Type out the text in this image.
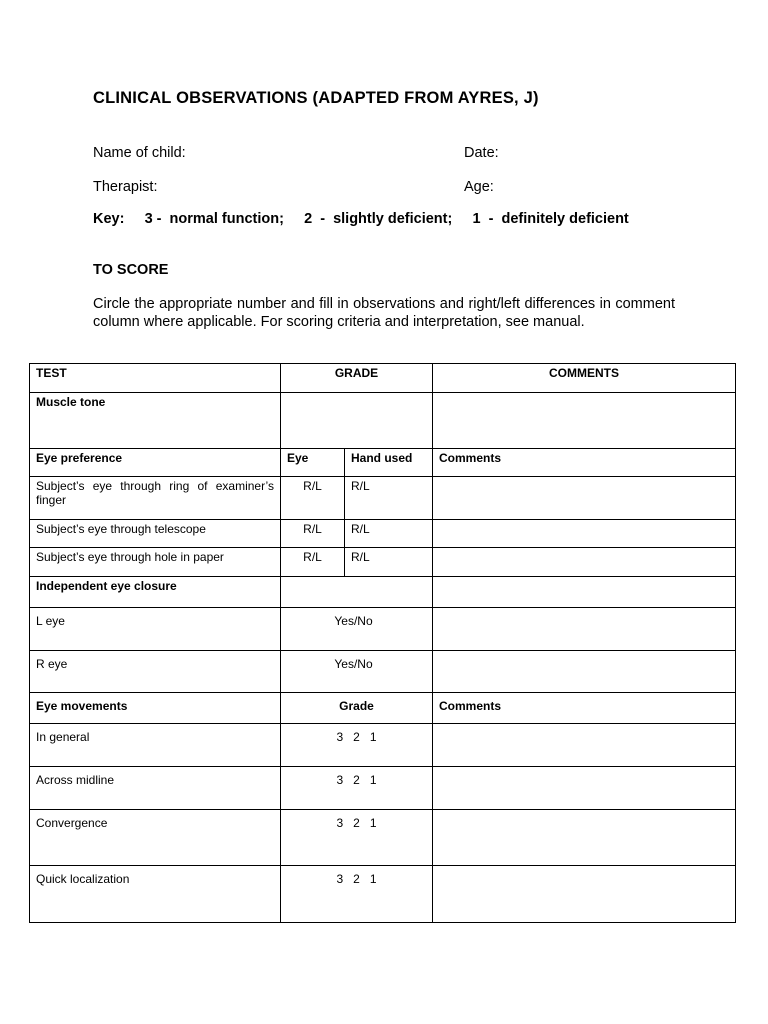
CLINICAL OBSERVATIONS (ADAPTED FROM AYRES, J)
Name of child:	Date:
Therapist:	Age:
Key:     3 -  normal function;     2  -  slightly deficient;     1  -  definitely deficient
TO SCORE
Circle the appropriate number and fill in observations and right/left differences in comment column where applicable. For scoring criteria and interpretation, see manual.
TEST	GRADE		COMMENTS
Muscle tone			
Eye preference	Eye	Hand used	Comments
Subject’s eye through ring of examiner’s finger	R/L	R/L	
Subject’s eye through telescope	R/L	R/L	
Subject’s eye through hole in paper	R/L	R/L	
Independent eye closure			
L eye	Yes/No		
R eye	Yes/No		
Eye movements	Grade		Comments
In general	3   2   1		
Across midline	3   2   1		
Convergence	3   2   1		
Quick localization	3   2   1		
